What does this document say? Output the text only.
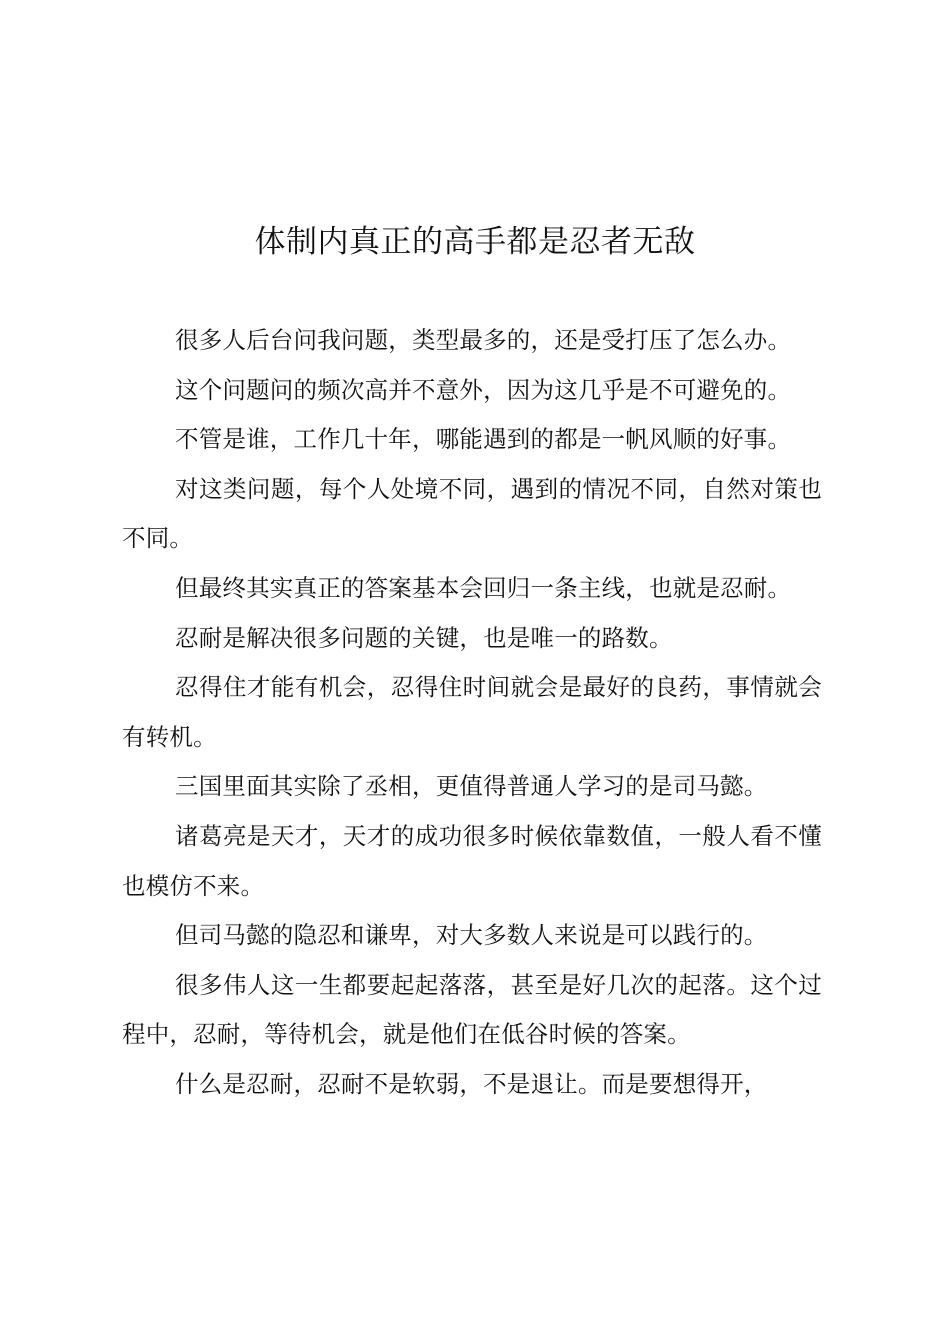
体制内真正的高手都是忍者无敌

很多人后台问我问题，类型最多的，还是受打压了怎么办。

这个问题问的频次高并不意外，因为这几乎是不可避免的。

不管是谁，工作几十年，哪能遇到的都是一帆风顺的好事。

对这类问题，每个人处境不同，遇到的情况不同，自然对策也不同。

但最终其实真正的答案基本会回归一条主线，也就是忍耐。

忍耐是解决很多问题的关键，也是唯一的路数。

忍得住才能有机会，忍得住时间就会是最好的良药，事情就会有转机。

三国里面其实除了丞相，更值得普通人学习的是司马懿。

诸葛亮是天才，天才的成功很多时候依靠数值，一般人看不懂也模仿不来。

但司马懿的隐忍和谦卑，对大多数人来说是可以践行的。

很多伟人这一生都要起起落落，甚至是好几次的起落。这个过程中，忍耐，等待机会，就是他们在低谷时候的答案。

什么是忍耐，忍耐不是软弱，不是退让。而是要想得开，
